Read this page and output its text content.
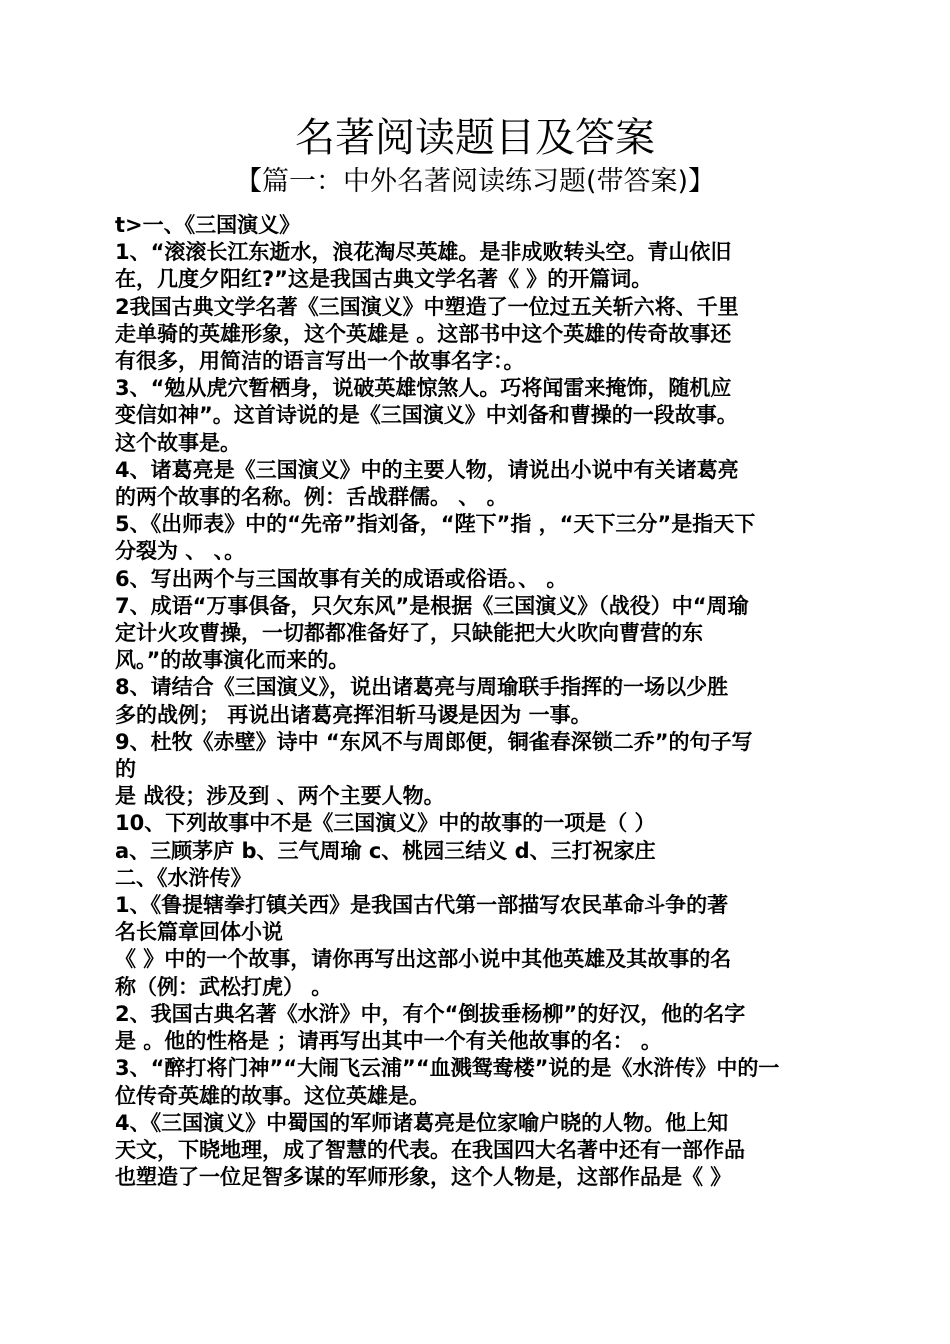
名著阅读题目及答案
【篇一：中外名著阅读练习题(带答案)】
t>一、《三国演义》
1、“滚滚长江东逝水，浪花淘尽英雄。是非成败转头空。青山依旧
在，几度夕阳红?”这是我国古典文学名著《 》的开篇词。
2我国古典文学名著《三国演义》中塑造了一位过五关斩六将、千里
走单骑的英雄形象，这个英雄是 。这部书中这个英雄的传奇故事还
有很多，用简洁的语言写出一个故事名字：。
3、“勉从虎穴暂栖身，说破英雄惊煞人。巧将闻雷来掩饰，随机应
变信如神”。这首诗说的是《三国演义》中刘备和曹操的一段故事。
这个故事是。
4、诸葛亮是《三国演义》中的主要人物，请说出小说中有关诸葛亮
的两个故事的名称。例：舌战群儒。 、 。
5、《出师表》中的“先帝”指刘备，“陛下”指 ，“天下三分”是指天下
分裂为 、 、。
6、写出两个与三国故事有关的成语或俗语。、 。
7、成语“万事俱备，只欠东风”是根据《三国演义》（战役）中“周瑜
定计火攻曹操，一切都都准备好了，只缺能把大火吹向曹营的东
风。”的故事演化而来的。
8、请结合《三国演义》，说出诸葛亮与周瑜联手指挥的一场以少胜
多的战例； 再说出诸葛亮挥泪斩马谡是因为 一事。
9、杜牧《赤壁》诗中 “东风不与周郎便，铜雀春深锁二乔”的句子写
的
是 战役；涉及到 、两个主要人物。
10、下列故事中不是《三国演义》中的故事的一项是（ ）
a、三顾茅庐 b、三气周瑜 c、桃园三结义 d、三打祝家庄
二、《水浒传》
1、《鲁提辖拳打镇关西》是我国古代第一部描写农民革命斗争的著
名长篇章回体小说
《 》中的一个故事，请你再写出这部小说中其他英雄及其故事的名
称（例：武松打虎） 。
2、我国古典名著《水浒》中，有个“倒拔垂杨柳”的好汉，他的名字
是 。他的性格是 ；请再写出其中一个有关他故事的名： 。
3、“醉打将门神”“大闹飞云浦”“血溅鸳鸯楼”说的是《水浒传》中的一
位传奇英雄的故事。这位英雄是。
4、《三国演义》中蜀国的军师诸葛亮是位家喻户晓的人物。他上知
天文，下晓地理，成了智慧的代表。在我国四大名著中还有一部作品
也塑造了一位足智多谋的军师形象，这个人物是，这部作品是《 》
